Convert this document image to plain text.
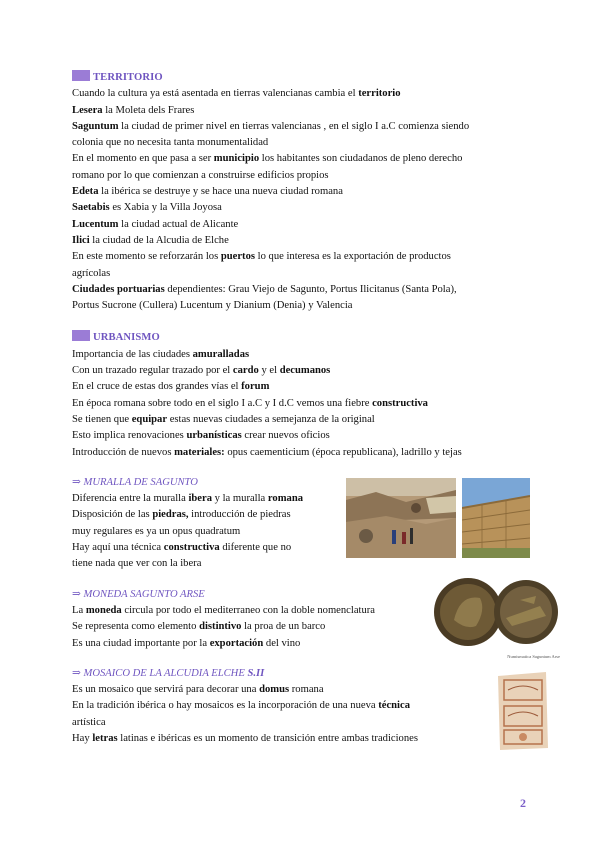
TERRITORIO
Cuando la cultura ya está asentada en tierras valencianas cambia el territorio
Lesera la Moleta dels Frares
Saguntum la ciudad de primer nivel en tierras valencianas , en el siglo I a.C comienza siendo
colonia que no necesita tanta monumentalidad
En el momento en que pasa a ser municipio los habitantes son ciudadanos de pleno derecho
romano por lo que comienzan a construirse edificios propios
Edeta la ibérica se destruye y se hace una nueva ciudad romana
Saetabis es Xabia y la Villa Joyosa
Lucentum la ciudad actual de Alicante
Ilici la ciudad de la Alcudia de Elche
En este momento se reforzarán los puertos lo que interesa es la exportación de productos
agrícolas
Ciudades portuarias dependientes: Grau Viejo de Sagunto, Portus Ilicitanus (Santa Pola),
Portus Sucrone (Cullera) Lucentum y Dianium (Denia) y Valencia
URBANISMO
Importancia de las ciudades amuralladas
Con un trazado regular trazado por el cardo y el decumanos
En el cruce de estas dos grandes vías el forum
En época romana sobre todo en el siglo I a.C y I d.C vemos una fiebre constructiva
Se tienen que equipar estas nuevas ciudades a semejanza de la original
Esto implica renovaciones urbanísticas crear nuevos oficios
Introducción de nuevos materiales: opus caementicium (época republicana), ladrillo y tejas
⇒ MURALLA DE SAGUNTO
Diferencia entre la muralla ibera y la muralla romana
Disposición de las piedras, introducción de piedras
muy regulares es ya un opus quadratum
Hay aquí una técnica constructiva diferente que no
tiene nada que ver con la ibera
⇒ MONEDA SAGUNTO ARSE
La moneda circula por todo el mediterraneo con la doble nomenclatura
Se representa como elemento distintivo la proa de un barco
Es una ciudad importante por la exportación del vino
⇒ MOSAICO DE LA ALCUDIA ELCHE S.II
Es un mosaico que servirá para decorar una domus romana
En la tradición ibérica o hay mosaicos es la incorporación de una nueva técnica
artística
Hay letras latinas e ibéricas es un momento de transición entre ambas tradiciones
Numismatica Saguntum Arse
2
